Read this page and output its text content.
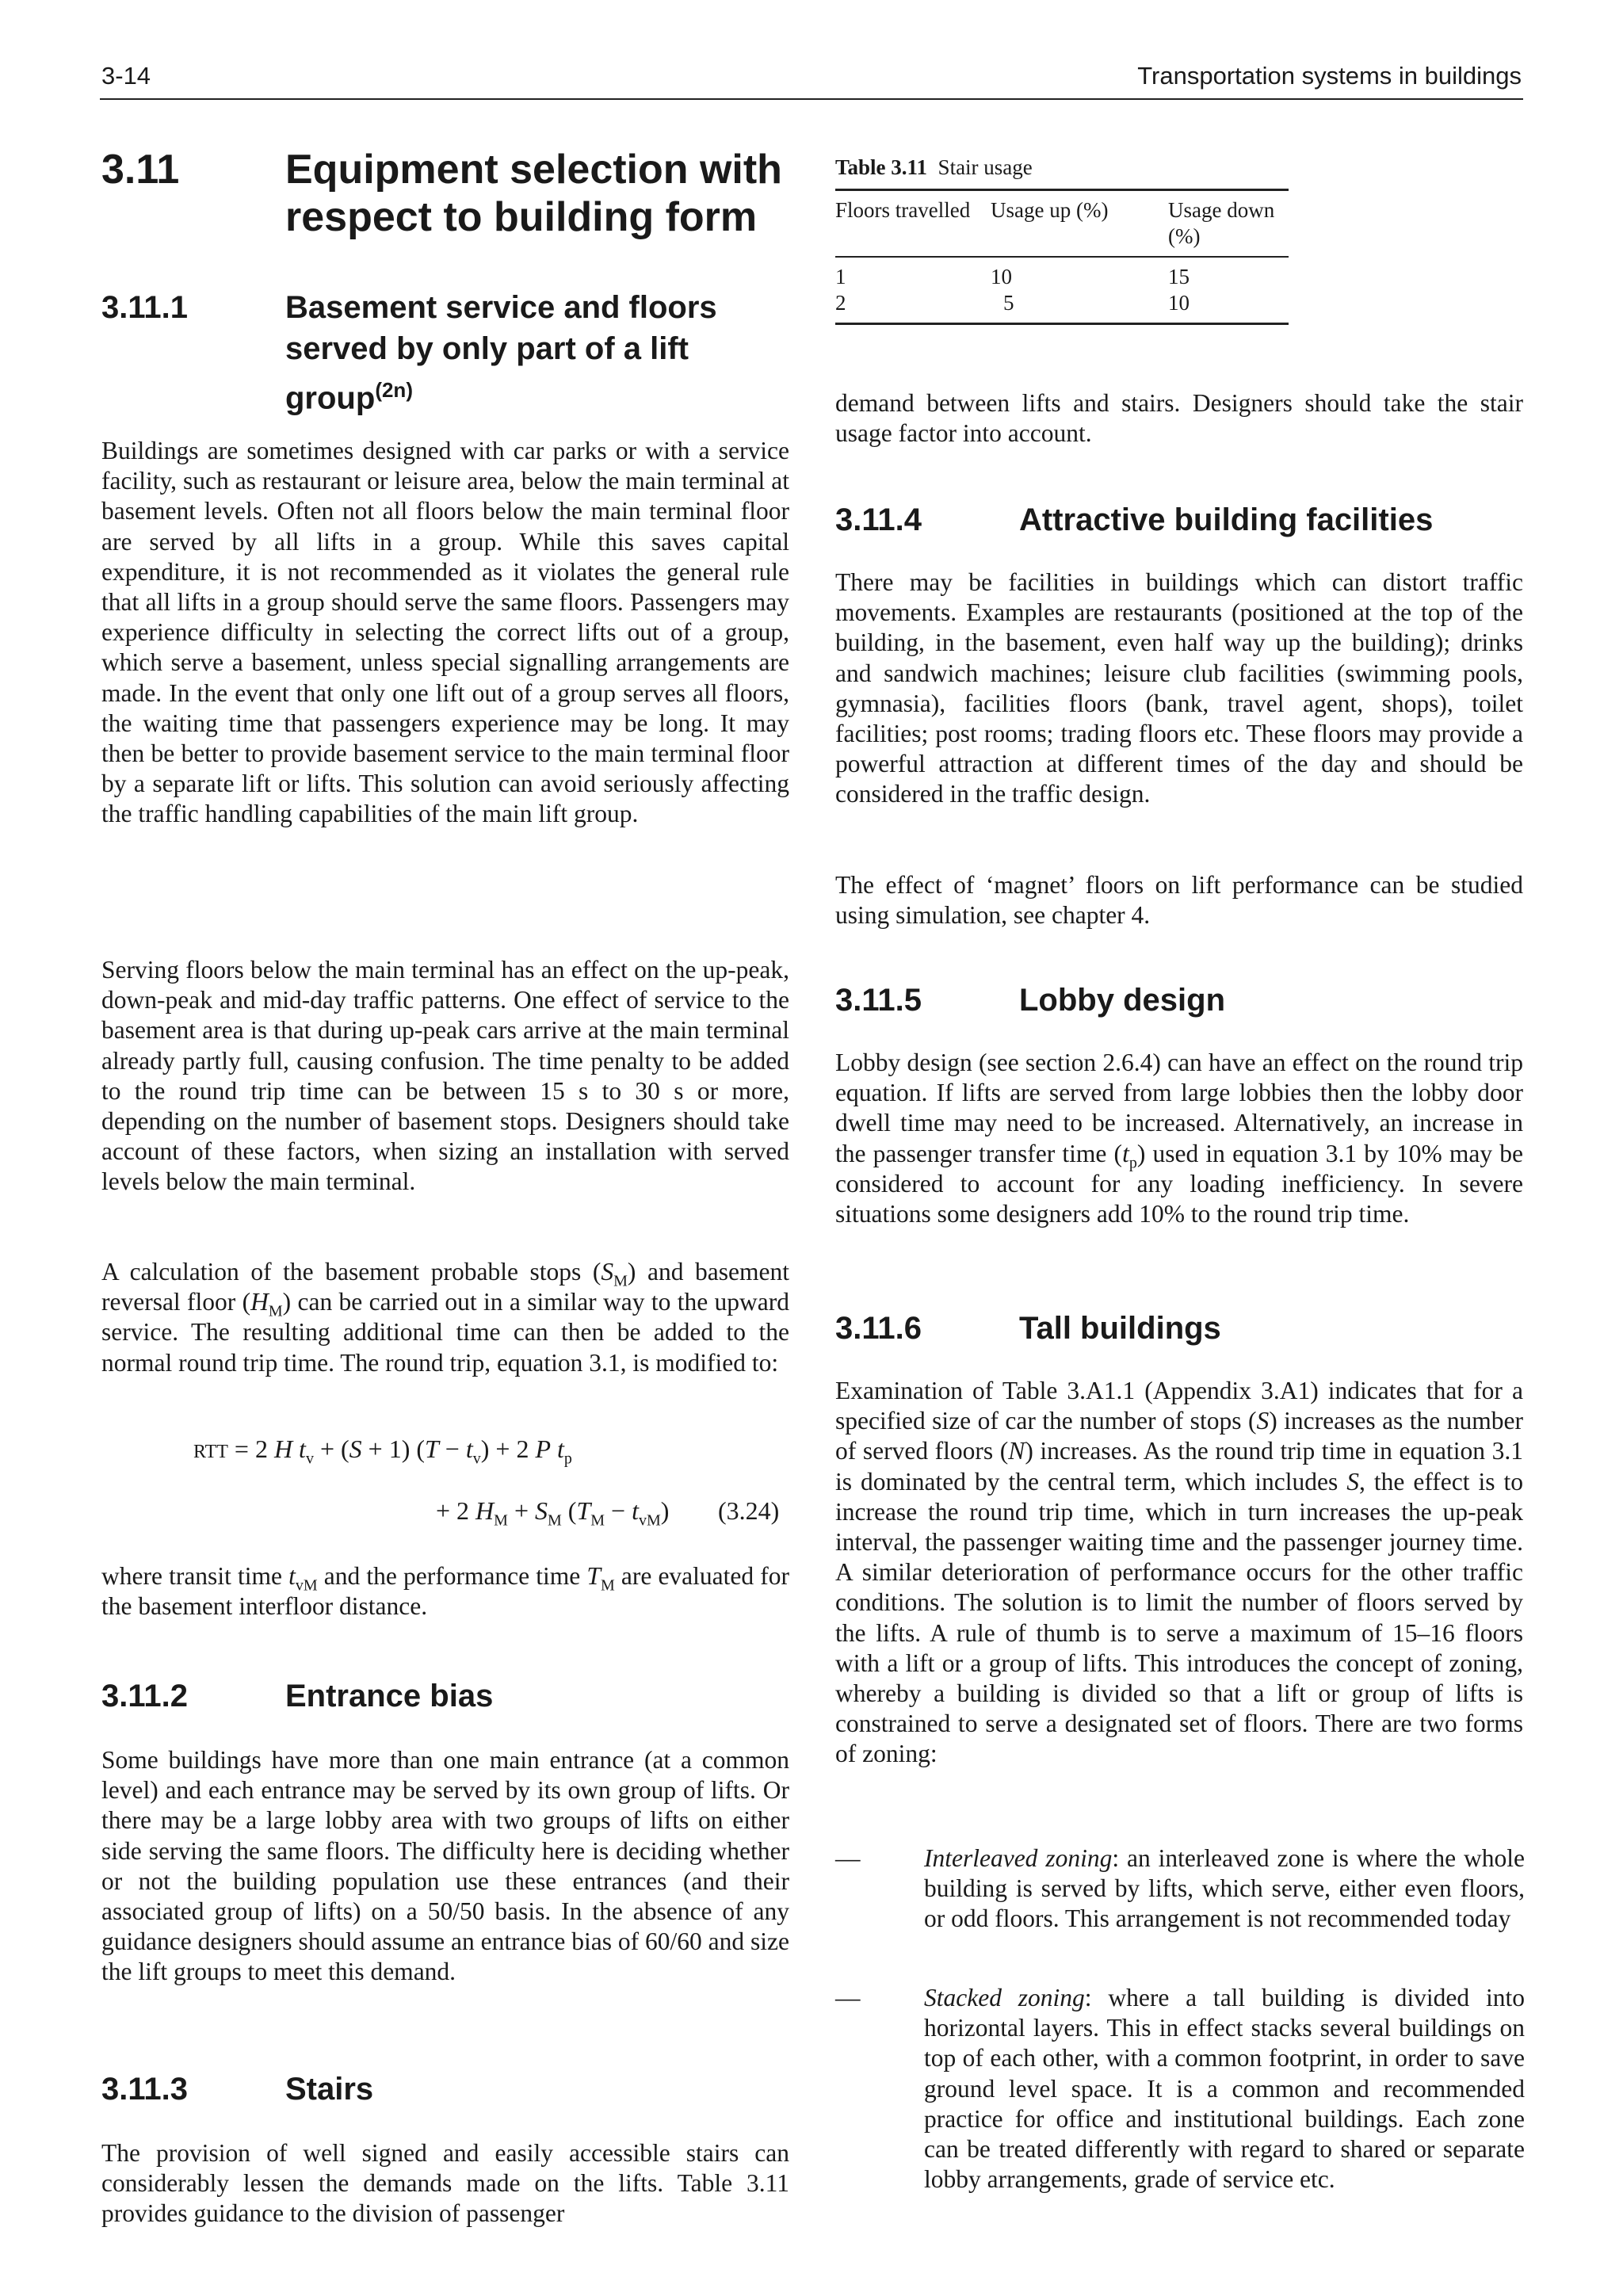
3-14	Transportation systems in buildings
3.11	Equipment selection with respect to building form
3.11.1	Basement service and floors served by only part of a lift group$^{(2n)}$

Buildings are sometimes designed with car parks or with a service facility, such as restaurant or leisure area, below the main terminal at basement levels. Often not all floors below the main terminal floor are served by all lifts in a group. While this saves capital expenditure, it is not recommended as it violates the general rule that all lifts in a group should serve the same floors. Passengers may experience difficulty in selecting the correct lifts out of a group, which serve a basement, unless special signalling arrangements are made. In the event that only one lift out of a group serves all floors, the waiting time that passengers experience may be long. It may then be better to provide basement service to the main terminal floor by a separate lift or lifts. This solution can avoid seriously affecting the traffic handling capabilities of the main lift group.

Serving floors below the main terminal has an effect on the up-peak, down-peak and mid-day traffic patterns. One effect of service to the basement area is that during up-peak cars arrive at the main terminal already partly full, causing confusion. The time penalty to be added to the round trip time can be between 15 s to 30 s or more, depending on the number of basement stops. Designers should take account of these factors, when sizing an installation with served levels below the main terminal.

A calculation of the basement probable stops $(S_M)$ and basement reversal floor $(H_M)$ can be carried out in a similar way to the upward service. The resulting additional time can then be added to the normal round trip time. The round trip, equation 3.1, is modified to:

RTT = 2 H $t_v + (S + 1) (T - t_v) + 2$ P $t_p$
+ 2 $H_M + S_M$ $(T_M - t_{vM})$ (3.24)

where transit time $t_{vM}$ and the performance time $T_M$ are evaluated for the basement interfloor distance.

3.11.2	Entrance bias

Some buildings have more than one main entrance (at a common level) and each entrance may be served by its own group of lifts. Or there may be a large lobby area with two groups of lifts on either side serving the same floors. The difficulty here is deciding whether or not the building population use these entrances (and their associated group of lifts) on a 50/50 basis. In the absence of any guidance designers should assume an entrance bias of 60/60 and size the lift groups to meet this demand.

3.11.3	Stairs

The provision of well signed and easily accessible stairs can considerably lessen the demands made on the lifts. Table 3.11 provides guidance to the division of passenger

Table 3.11 Stair usage
Floors travelled	Usage up (%)	Usage down (%)
1	10	15
2	5	10

demand between lifts and stairs. Designers should take the stair usage factor into account.

3.11.4	Attractive building facilities

There may be facilities in buildings which can distort traffic movements. Examples are restaurants (positioned at the top of the building, in the basement, even half way up the building); drinks and sandwich machines; leisure club facilities (swimming pools, gymnasia), facilities floors (bank, travel agent, shops), toilet facilities; post rooms; trading floors etc. These floors may provide a powerful attraction at different times of the day and should be considered in the traffic design.

The effect of ‘magnet’ floors on lift performance can be studied using simulation, see chapter 4.

3.11.5	Lobby design

Lobby design (see section 2.6.4) can have an effect on the round trip equation. If lifts are served from large lobbies then the lobby door dwell time may need to be increased. Alternatively, an increase in the passenger transfer time $(t_p)$ used in equation 3.1 by 10% may be considered to account for any loading inefficiency. In severe situations some designers add 10% to the round trip time.

3.11.6	Tall buildings

Examination of Table 3.A1.1 (Appendix 3.A1) indicates that for a specified size of car the number of stops (S) increases as the number of served floors (N) increases. As the round trip time in equation 3.1 is dominated by the central term, which includes S, the effect is to increase the round trip time, which in turn increases the up-peak interval, the passenger waiting time and the passenger journey time. A similar deterioration of performance occurs for the other traffic conditions. The solution is to limit the number of floors served by the lifts. A rule of thumb is to serve a maximum of 15–16 floors with a lift or a group of lifts. This introduces the concept of zoning, whereby a building is divided so that a lift or group of lifts is constrained to serve a designated set of floors. There are two forms of zoning:

—	Interleaved zoning: an interleaved zone is where the whole building is served by lifts, which serve, either even floors, or odd floors. This arrangement is not recommended today

—	Stacked zoning: where a tall building is divided into horizontal layers. This in effect stacks several buildings on top of each other, with a common footprint, in order to save ground level space. It is a common and recommended practice for office and institutional buildings. Each zone can be treated differently with regard to shared or separate lobby arrangements, grade of service etc.
